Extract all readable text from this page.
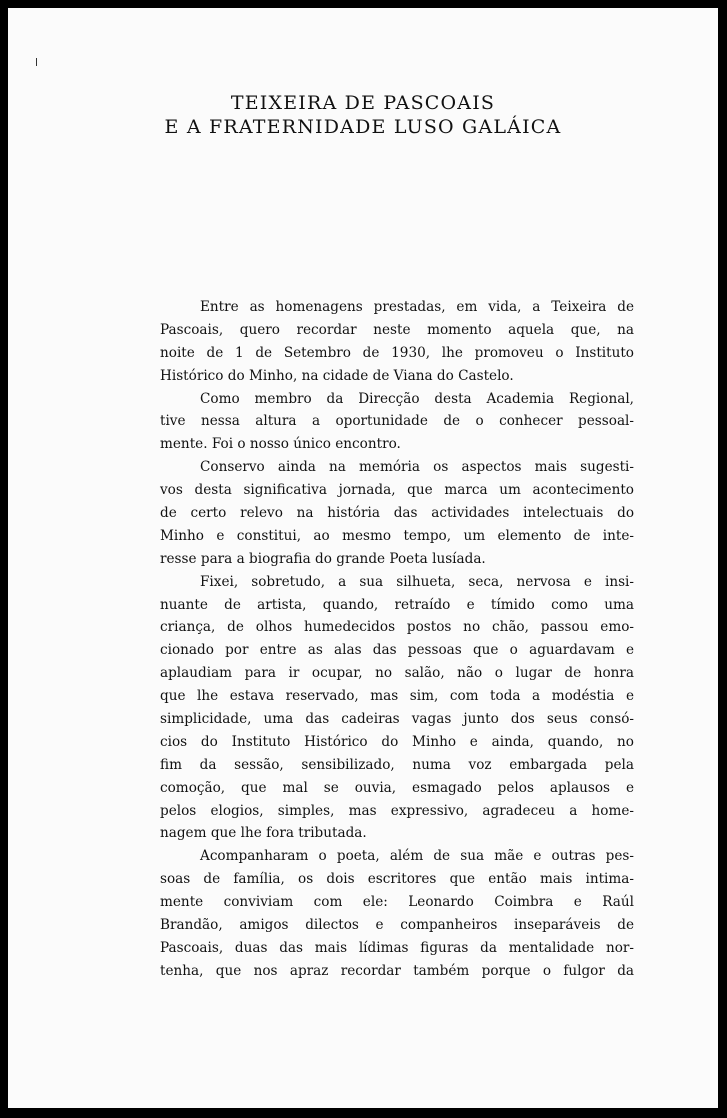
TEIXEIRA DE PASCOAIS
E A FRATERNIDADE LUSO GALÁICA
Entre as homenagens prestadas, em vida, a Teixeira de
Pascoais, quero recordar neste momento aquela que, na
noite de 1 de Setembro de 1930, lhe promoveu o Instituto
Histórico do Minho, na cidade de Viana do Castelo.
Como membro da Direcção desta Academia Regional,
tive nessa altura a oportunidade de o conhecer pessoal-
mente. Foi o nosso único encontro.
Conservo ainda na memória os aspectos mais sugesti-
vos desta significativa jornada, que marca um acontecimento
de certo relevo na história das actividades intelectuais do
Minho e constitui, ao mesmo tempo, um elemento de inte-
resse para a biografia do grande Poeta lusíada.
Fixei, sobretudo, a sua silhueta, seca, nervosa e insi-
nuante de artista, quando, retraído e tímido como uma
criança, de olhos humedecidos postos no chão, passou emo-
cionado por entre as alas das pessoas que o aguardavam e
aplaudiam para ir ocupar, no salão, não o lugar de honra
que lhe estava reservado, mas sim, com toda a modéstia e
simplicidade, uma das cadeiras vagas junto dos seus consó-
cios do Instituto Histórico do Minho e ainda, quando, no
fim da sessão, sensibilizado, numa voz embargada pela
comoção, que mal se ouvia, esmagado pelos aplausos e
pelos elogios, simples, mas expressivo, agradeceu a home-
nagem que lhe fora tributada.
Acompanharam o poeta, além de sua mãe e outras pes-
soas de família, os dois escritores que então mais intima-
mente conviviam com ele: Leonardo Coimbra e Raúl
Brandão, amigos dilectos e companheiros inseparáveis de
Pascoais, duas das mais lídimas figuras da mentalidade nor-
tenha, que nos apraz recordar também porque o fulgor da
